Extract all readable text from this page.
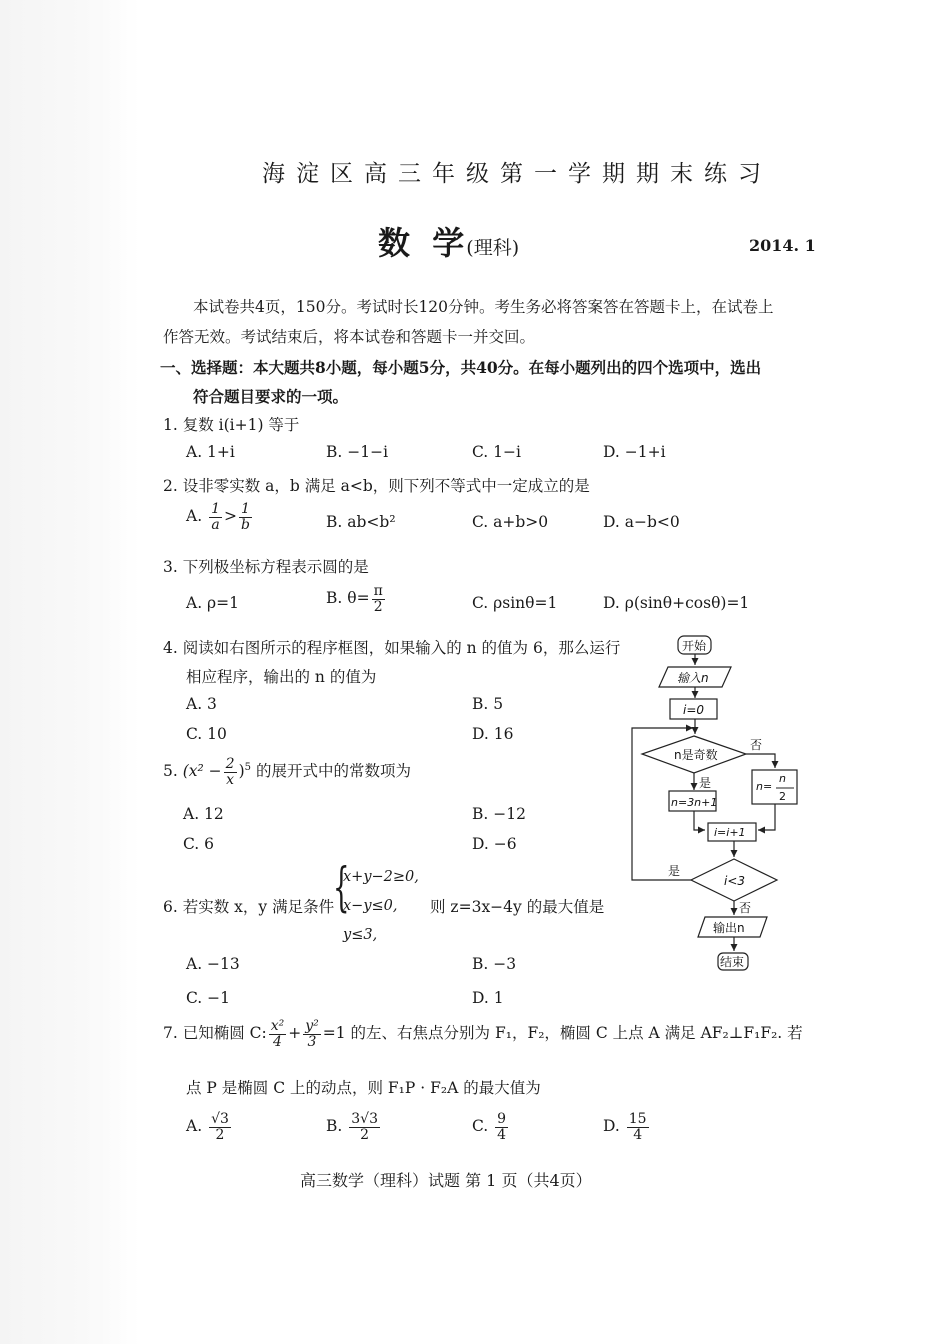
海淀区高三年级第一学期期末练习
数  学 (理科)	2014. 1
本试卷共4页，150分。考试时长120分钟。考生务必将答案答在答题卡上，在试卷上
作答无效。考试结束后，将本试卷和答题卡一并交回。
一、选择题：本大题共8小题，每小题5分，共40分。在每小题列出的四个选项中，选出
符合题目要求的一项。
1. 复数 i(i+1) 等于
A. 1+i	B. −1−i	C. 1−i	D. −1+i
2. 设非零实数 a，b 满足 a<b，则下列不等式中一定成立的是
A. $\frac{1}{a} > \frac{1}{b}$	B. ab<b²	C. a+b>0	D. a−b<0
3. 下列极坐标方程表示圆的是
A. ρ=1	B. $\theta= \frac{\pi}{2}$	C. ρsinθ=1	D. ρ(sinθ+cosθ)=1
4. 阅读如右图所示的程序框图，如果输入的 n 的值为 6，那么运行
相应程序，输出的 n 的值为
A. 3	B. 5
C. 10	D. 16
5. $(x^2 - \frac{2}{x} )^5$ 的展开式中的常数项为
A. 12	B. −12
C. 6	D. −6
6. 若实数 x，y 满足条件
{
x+y−2≥0,
x−y≤0,
y≤3,
则 z=3x−4y 的最大值是
A. −13	B. −3
C. −1	D. 1
7. 已知椭圆 C: $\frac{\text{x²}}{4} + \frac{\text{y²}}{3} =1$ 的左、右焦点分别为 F₁，F₂，椭圆 C 上点 A 满足 AF₂⊥F₁F₂. 若
点 P 是椭圆 C 上的动点，则 F₁P · F₂A 的最大值为
A. $\frac{√3}{2}$	B. $\frac{3√3}{2}$	C. $\frac{9}{4}$	D. $\frac{15}{4}$
开始
输入n
i=0
n是奇数
否
是
n=3n+1
n=
n
2
i=i+1
i<3
是
否
输出n
结束
高三数学（理科）试题 第 1 页（共4页）
